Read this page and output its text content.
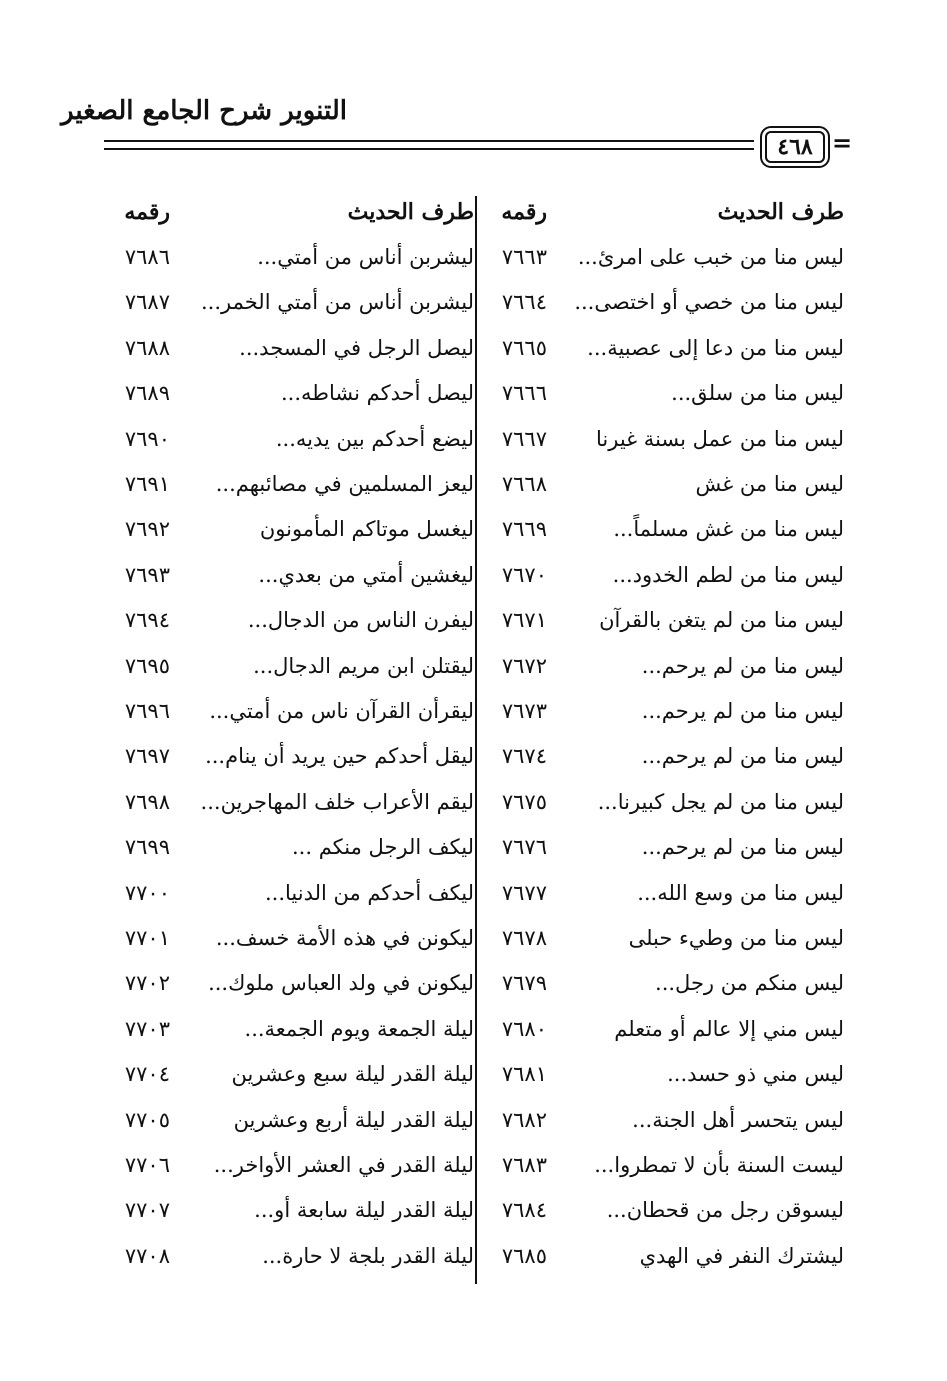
التنوير شرح الجامع الصغير
٤٦٨ =
طرف الحديث
رقمه
طرف الحديث
رقمه
ليس منا من خبب على امرئ...
٧٦٦٣
ليشربن أناس من أمتي...
٧٦٨٦
ليس منا من خصي أو اختصى...
٧٦٦٤
ليشربن أناس من أمتي الخمر...
٧٦٨٧
ليس منا من دعا إلى عصبية...
٧٦٦٥
ليصل الرجل في المسجد...
٧٦٨٨
ليس منا من سلق...
٧٦٦٦
ليصل أحدكم نشاطه...
٧٦٨٩
ليس منا من عمل بسنة غيرنا
٧٦٦٧
ليضع أحدكم بين يديه...
٧٦٩٠
ليس منا من غش
٧٦٦٨
ليعز المسلمين في مصائبهم...
٧٦٩١
ليس منا من غش مسلماً...
٧٦٦٩
ليغسل موتاكم المأمونون
٧٦٩٢
ليس منا من لطم الخدود...
٧٦٧٠
ليغشين أمتي من بعدي...
٧٦٩٣
ليس منا من لم يتغن بالقرآن
٧٦٧١
ليفرن الناس من الدجال...
٧٦٩٤
ليس منا من لم يرحم...
٧٦٧٢
ليقتلن ابن مريم الدجال...
٧٦٩٥
ليس منا من لم يرحم...
٧٦٧٣
ليقرأن القرآن ناس من أمتي...
٧٦٩٦
ليس منا من لم يرحم...
٧٦٧٤
ليقل أحدكم حين يريد أن ينام...
٧٦٩٧
ليس منا من لم يجل كبيرنا...
٧٦٧٥
ليقم الأعراب خلف المهاجرين...
٧٦٩٨
ليس منا من لم يرحم...
٧٦٧٦
ليكف الرجل منكم ...
٧٦٩٩
ليس منا من وسع الله...
٧٦٧٧
ليكف أحدكم من الدنيا...
٧٧٠٠
ليس منا من وطيء حبلى
٧٦٧٨
ليكونن في هذه الأمة خسف...
٧٧٠١
ليس منكم من رجل...
٧٦٧٩
ليكونن في ولد العباس ملوك...
٧٧٠٢
ليس مني إلا عالم أو متعلم
٧٦٨٠
ليلة الجمعة ويوم الجمعة...
٧٧٠٣
ليس مني ذو حسد...
٧٦٨١
ليلة القدر ليلة سبع وعشرين
٧٧٠٤
ليس يتحسر أهل الجنة...
٧٦٨٢
ليلة القدر ليلة أربع وعشرين
٧٧٠٥
ليست السنة بأن لا تمطروا...
٧٦٨٣
ليلة القدر في العشر الأواخر...
٧٧٠٦
ليسوقن رجل من قحطان...
٧٦٨٤
ليلة القدر ليلة سابعة أو...
٧٧٠٧
ليشترك النفر في الهدي
٧٦٨٥
ليلة القدر بلجة لا حارة...
٧٧٠٨
